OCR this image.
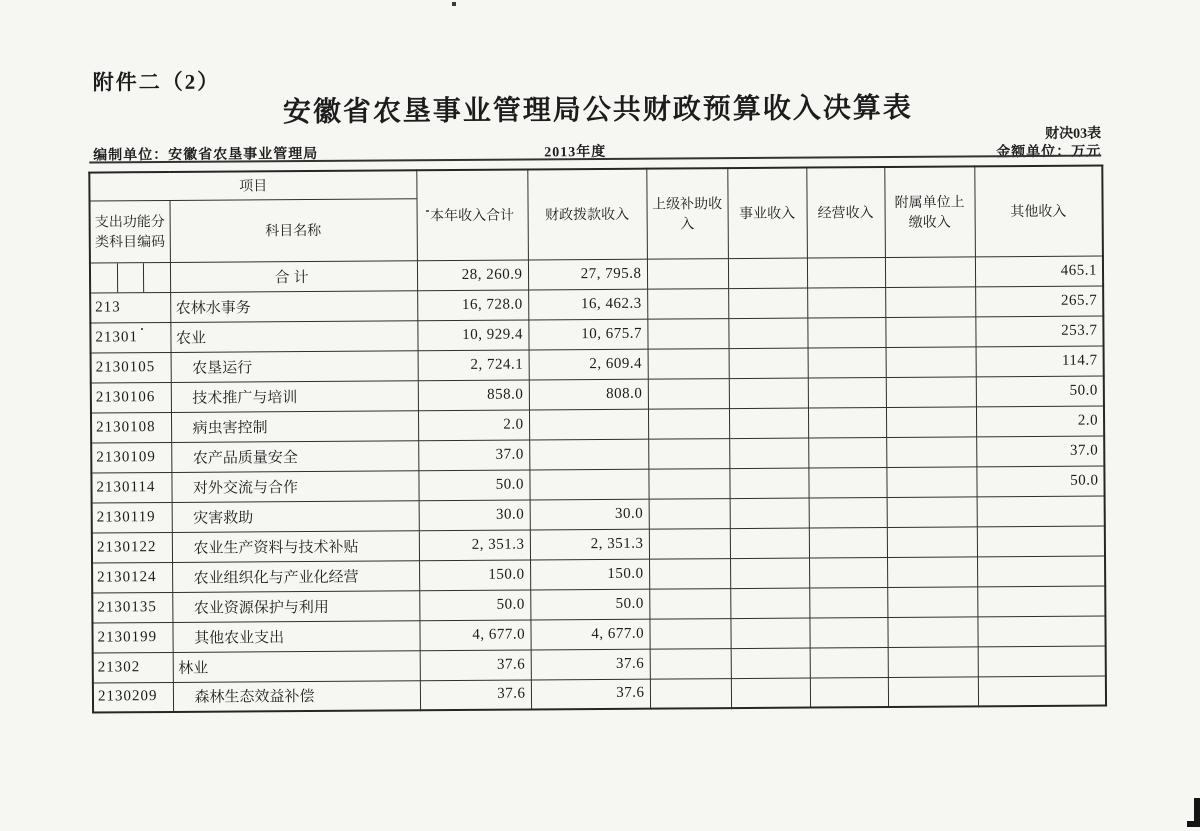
附件二（2）
安徽省农垦事业管理局公共财政预算收入决算表
财决03表
金额单位：万元
编制单位：安徽省农垦事业管理局	2013年度
项目		本年收入合计	财政拨款收入	上级补助收入	事业收入	经营收入	附属单位上缴收入	其他收入
支出功能分类科目编码	科目名称							

	合计	28, 260.9	27, 795.8					465.1
213	农林水事务	16, 728.0	16, 462.3					265.7
21301	农业	10, 929.4	10, 675.7					253.7
2130105	农垦运行	2, 724.1	2, 609.4					114.7
2130106	技术推广与培训	858.0	808.0					50.0
2130108	病虫害控制	2.0						2.0
2130109	农产品质量安全	37.0						37.0
2130114	对外交流与合作	50.0						50.0
2130119	灾害救助	30.0	30.0					
2130122	农业生产资料与技术补贴	2, 351.3	2, 351.3					
2130124	农业组织化与产业化经营	150.0	150.0					
2130135	农业资源保护与利用	50.0	50.0					
2130199	其他农业支出	4, 677.0	4, 677.0					
21302	林业	37.6	37.6					
2130209	森林生态效益补偿	37.6	37.6					
